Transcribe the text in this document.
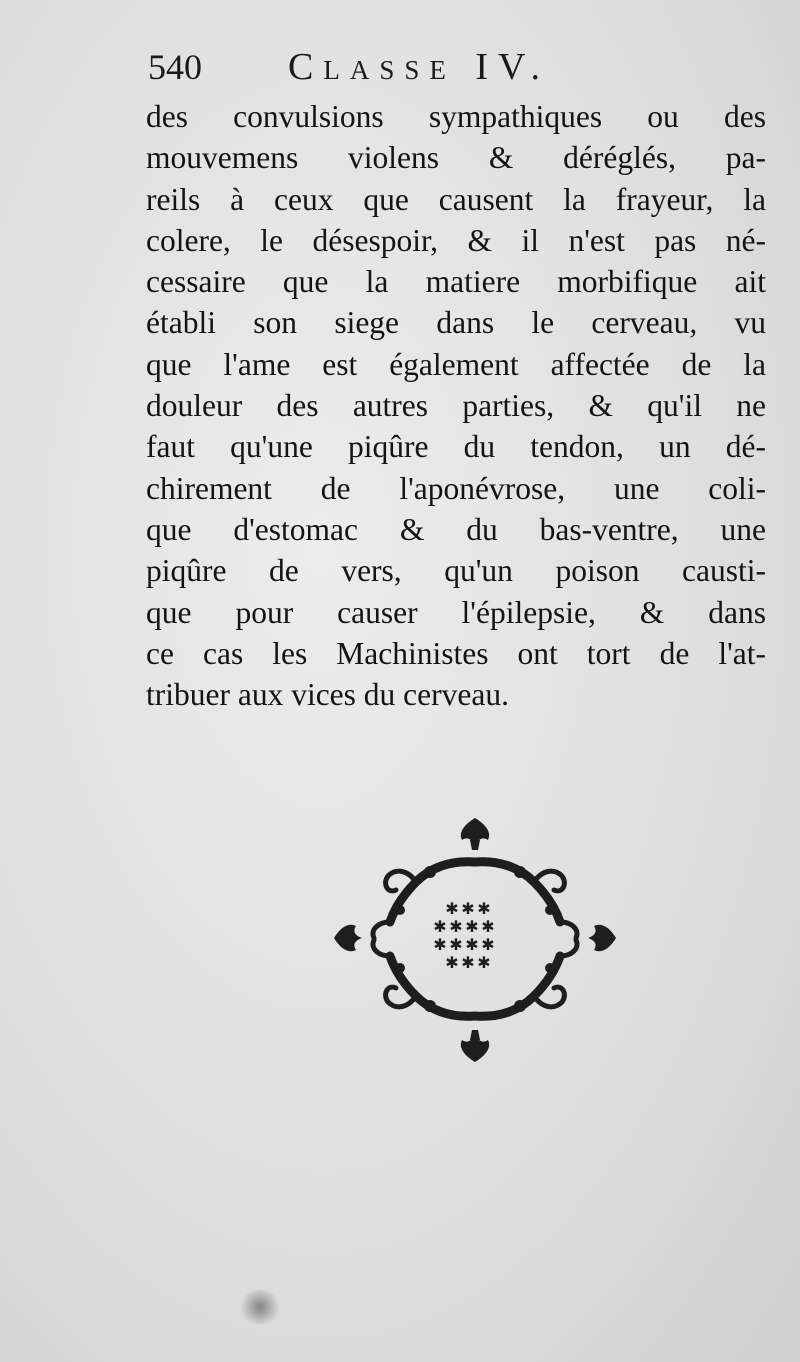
540 Classe IV.
des convulsions sympathiques ou des
mouvemens violens & déréglés, pa-
reils à ceux que causent la frayeur, la
colere, le désespoir, & il n'est pas né-
cessaire que la matiere morbifique ait
établi son siege dans le cerveau, vu
que l'ame est également affectée de la
douleur des autres parties, & qu'il ne
faut qu'une piqûre du tendon, un dé-
chirement de l'aponévrose, une coli-
que d'estomac & du bas-ventre, une
piqûre de vers, qu'un poison causti-
que pour causer l'épilepsie, & dans
ce cas les Machinistes ont tort de l'at-
tribuer aux vices du cerveau.
✱ ✱ ✱
✱ ✱ ✱ ✱
✱ ✱ ✱ ✱
✱ ✱ ✱
